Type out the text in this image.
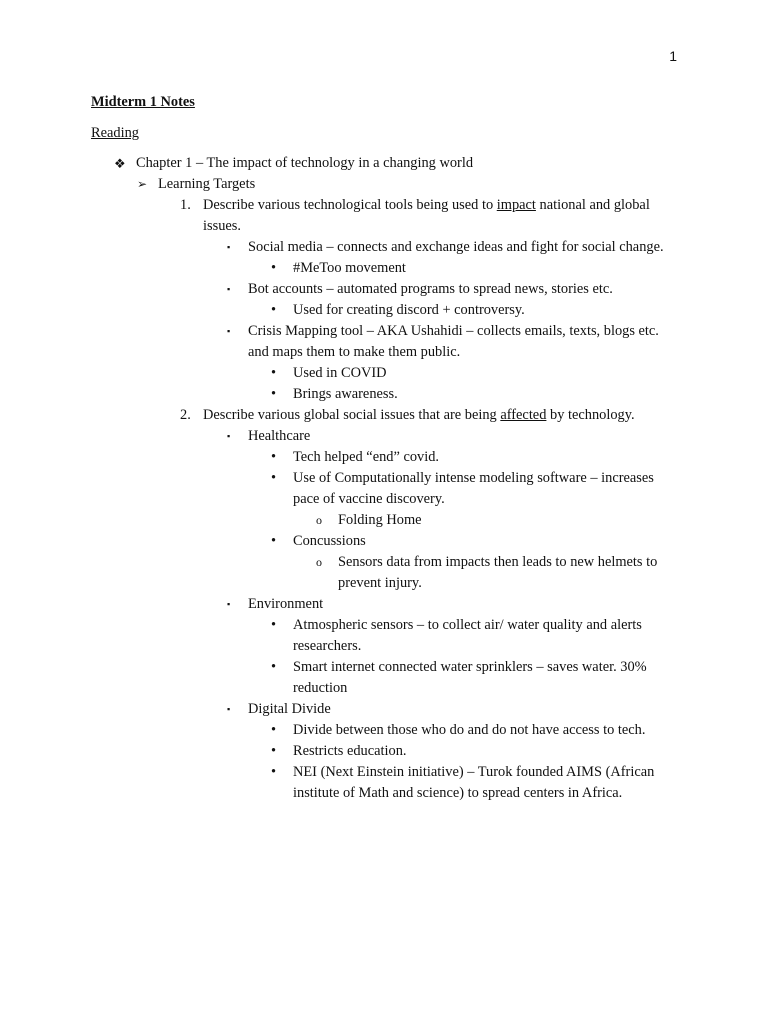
1
Midterm 1 Notes
Reading
❖ Chapter 1 – The impact of technology in a changing world
➢ Learning Targets
1. Describe various technological tools being used to impact national and global issues.
▪ Social media – connects and exchange ideas and fight for social change.
• #MeToo movement
▪ Bot accounts – automated programs to spread news, stories etc.
• Used for creating discord + controversy.
▪ Crisis Mapping tool – AKA Ushahidi – collects emails, texts, blogs etc. and maps them to make them public.
• Used in COVID
• Brings awareness.
2. Describe various global social issues that are being affected by technology.
▪ Healthcare
• Tech helped “end” covid.
• Use of Computationally intense modeling software – increases pace of vaccine discovery.
o Folding Home
• Concussions
o Sensors data from impacts then leads to new helmets to prevent injury.
▪ Environment
• Atmospheric sensors – to collect air/ water quality and alerts researchers.
• Smart internet connected water sprinklers – saves water. 30% reduction
▪ Digital Divide
• Divide between those who do and do not have access to tech.
• Restricts education.
• NEI (Next Einstein initiative) – Turok founded AIMS (African institute of Math and science) to spread centers in Africa.
